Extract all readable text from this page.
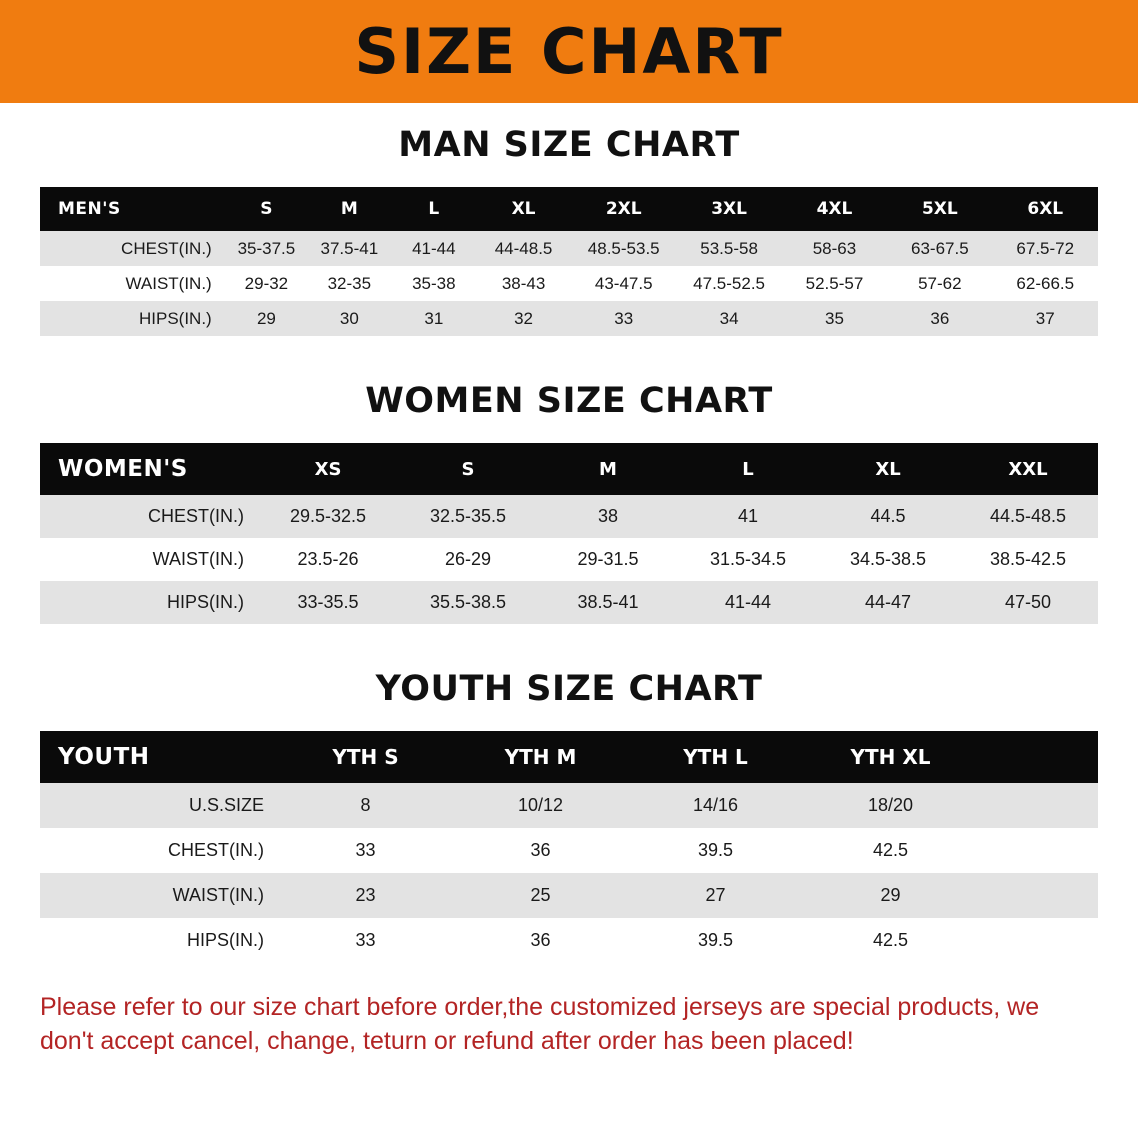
SIZE CHART
MAN SIZE CHART
MEN'S	S	M	L	XL	2XL	3XL	4XL	5XL	6XL
CHEST(IN.)	35-37.5	37.5-41	41-44	44-48.5	48.5-53.5	53.5-58	58-63	63-67.5	67.5-72
WAIST(IN.)	29-32	32-35	35-38	38-43	43-47.5	47.5-52.5	52.5-57	57-62	62-66.5
HIPS(IN.)	29	30	31	32	33	34	35	36	37
WOMEN SIZE CHART
WOMEN'S	XS	S	M	L	XL	XXL
CHEST(IN.)	29.5-32.5	32.5-35.5	38	41	44.5	44.5-48.5
WAIST(IN.)	23.5-26	26-29	29-31.5	31.5-34.5	34.5-38.5	38.5-42.5
HIPS(IN.)	33-35.5	35.5-38.5	38.5-41	41-44	44-47	47-50
YOUTH SIZE CHART
YOUTH	YTH S	YTH M	YTH L	YTH XL	
U.S.SIZE	8	10/12	14/16	18/20	
CHEST(IN.)	33	36	39.5	42.5	
WAIST(IN.)	23	25	27	29	
HIPS(IN.)	33	36	39.5	42.5	
Please refer to our size chart before order,the customized jerseys are special products, we don't accept cancel, change, teturn or refund after order has been placed!
